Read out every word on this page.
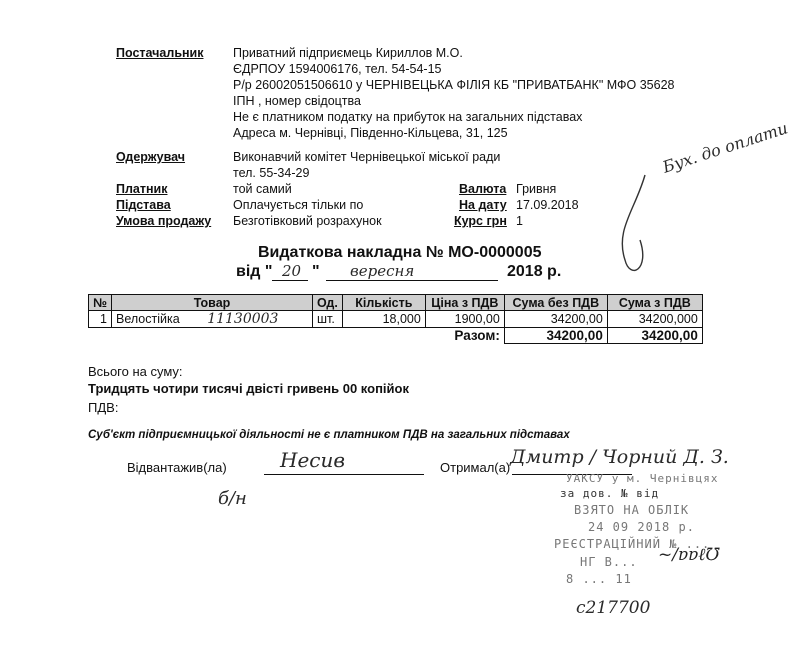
Постачальник Приватний підприємець Кириллов М.О.
ЄДРПОУ 1594006176, тел. 54-54-15
Р/р 26002051506610 у ЧЕРНІВЕЦЬКА ФІЛІЯ КБ "ПРИВАТБАНК" МФО 35628
ІПН , номер свідоцтва
Не є платником податку на прибуток на загальних підставах
Адреса м. Чернівці, Південно-Кільцева, 31, 125
Одержувач	Виконавчий комітет Чернівецької міської ради
тел. 55-34-29
Платник	той самий
Підстава	Оплачується тільки по
Умова продажу Безготівковий розрахунок
Валюта Гривня
На дату 17.09.2018
Курс грн 1
Бух. до оплати
Видаткова накладна № МО-0000005
від " 20 " вересня	2018 р.
№	Товар	Од.	Кількість	Ціна з ПДВ	Сума без ПДВ	Сума з ПДВ
1	Велостійка 11130003	шт.	18,000	1900,00	34200,00	34200,000
Разом:					34200,00	34200,00
Всього на суму:
Тридцять чотири тисячі двісті гривень 00 копійок
ПДВ:
Суб'єкт підприємницької діяльності не є платником ПДВ на загальних підставах
Відвантажив(ла)	Несив	Отримал(а) Дмитр / Чорний Д. З.
б/н
УАКСУ у м. Чернівцях
за дов. № від
ВЗЯТО НА ОБЛІК
24 09 2018 р.
РЕЄСТРАЦІЙНИЙ № ...
НГ В...
8 ... 11
~/ɐɐℓ℧
с217700
